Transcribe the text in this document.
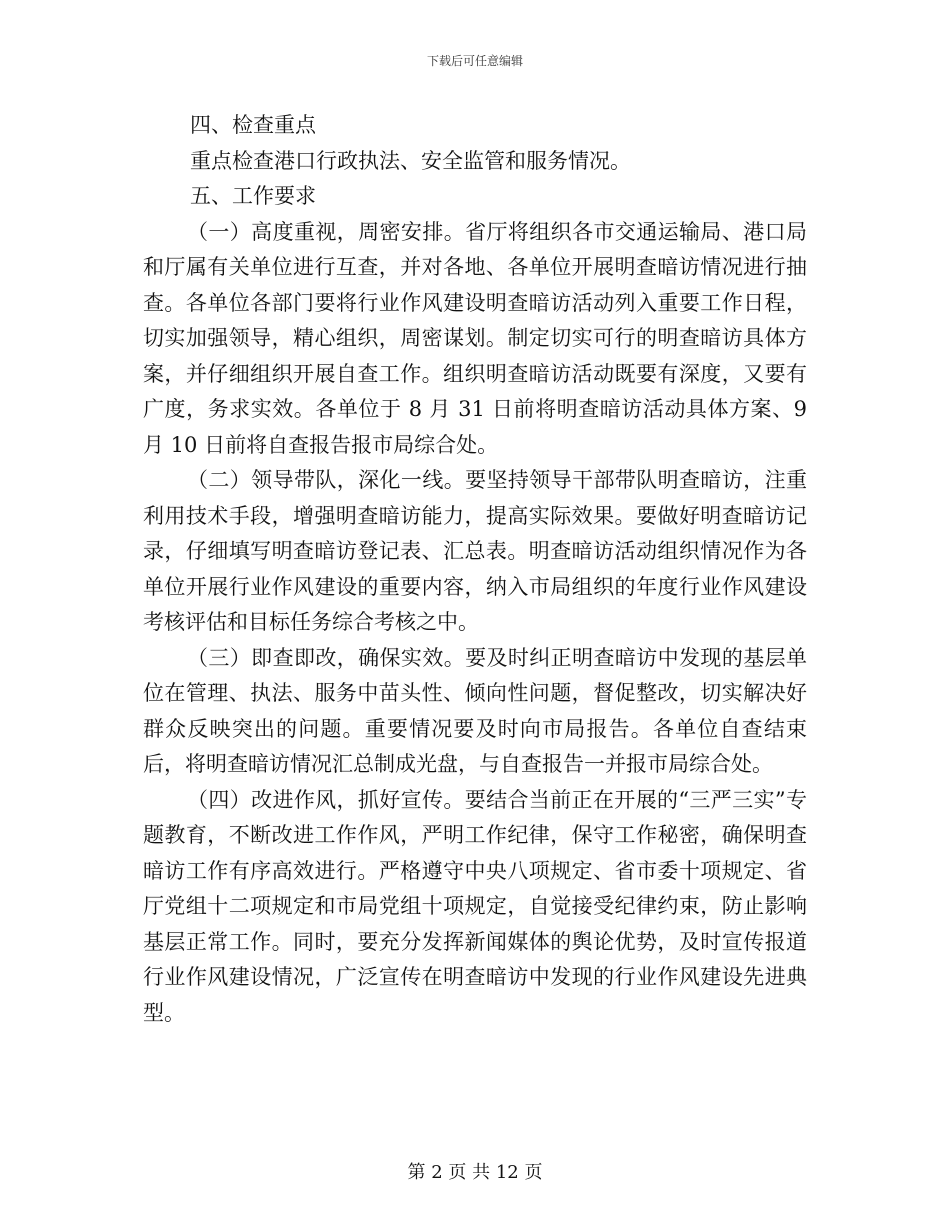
下载后可任意编辑

四、检查重点

重点检查港口行政执法、安全监管和服务情况。

五、工作要求

（一）高度重视，周密安排。省厅将组织各市交通运输局、港口局和厅属有关单位进行互查，并对各地、各单位开展明查暗访情况进行抽查。各单位各部门要将行业作风建设明查暗访活动列入重要工作日程，切实加强领导，精心组织，周密谋划。制定切实可行的明查暗访具体方案，并仔细组织开展自查工作。组织明查暗访活动既要有深度，又要有广度，务求实效。各单位于 8 月 31 日前将明查暗访活动具体方案、9 月 10 日前将自查报告报市局综合处。

（二）领导带队，深化一线。要坚持领导干部带队明查暗访，注重利用技术手段，增强明查暗访能力，提高实际效果。要做好明查暗访记录，仔细填写明查暗访登记表、汇总表。明查暗访活动组织情况作为各单位开展行业作风建设的重要内容，纳入市局组织的年度行业作风建设考核评估和目标任务综合考核之中。

（三）即查即改，确保实效。要及时纠正明查暗访中发现的基层单位在管理、执法、服务中苗头性、倾向性问题，督促整改，切实解决好群众反映突出的问题。重要情况要及时向市局报告。各单位自查结束后，将明查暗访情况汇总制成光盘，与自查报告一并报市局综合处。

（四）改进作风，抓好宣传。要结合当前正在开展的“三严三实”专题教育，不断改进工作作风，严明工作纪律，保守工作秘密，确保明查暗访工作有序高效进行。严格遵守中央八项规定、省市委十项规定、省厅党组十二项规定和市局党组十项规定，自觉接受纪律约束，防止影响基层正常工作。同时，要充分发挥新闻媒体的舆论优势，及时宣传报道行业作风建设情况，广泛宣传在明查暗访中发现的行业作风建设先进典型。

第 2 页 共 12 页
